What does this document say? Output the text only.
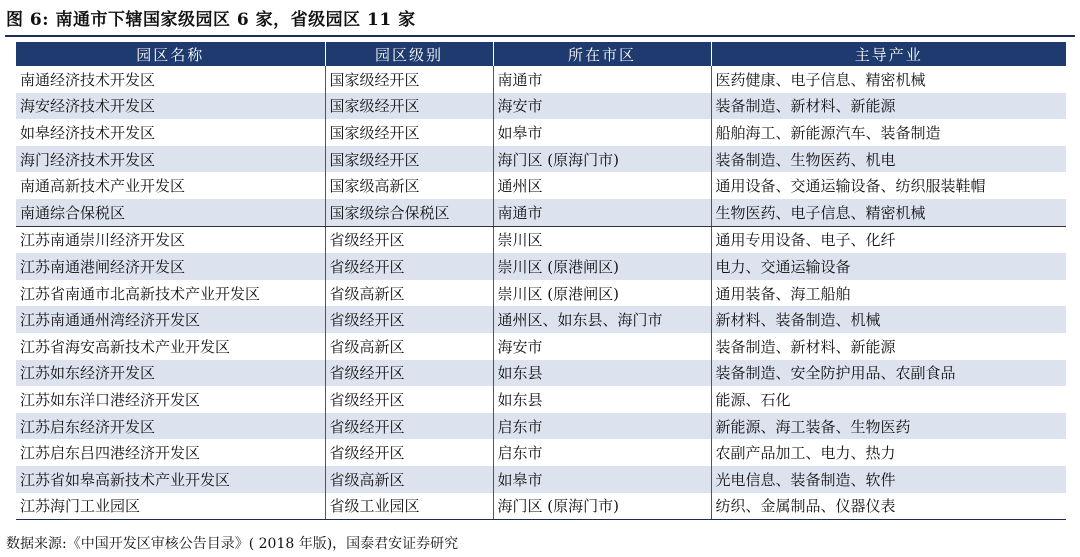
图 6: 南通市下辖国家级园区 6 家，省级园区 11 家
园区名称	园区级别	所在市区	主导产业
南通经济技术开发区	国家级经开区	南通市	医药健康、电子信息、精密机械
海安经济技术开发区	国家级经开区	海安市	装备制造、新材料、新能源
如皋经济技术开发区	国家级经开区	如皋市	船舶海工、新能源汽车、装备制造
海门经济技术开发区	国家级经开区	海门区 (原海门市)	装备制造、生物医药、机电
南通高新技术产业开发区	国家级高新区	通州区	通用设备、交通运输设备、纺织服装鞋帽
南通综合保税区	国家级综合保税区	南通市	生物医药、电子信息、精密机械
江苏南通崇川经济开发区	省级经开区	崇川区	通用专用设备、电子、化纤
江苏南通港闸经济开发区	省级经开区	崇川区 (原港闸区)	电力、交通运输设备
江苏省南通市北高新技术产业开发区	省级高新区	崇川区 (原港闸区)	通用装备、海工船舶
江苏南通通州湾经济开发区	省级经开区	通州区、如东县、海门市	新材料、装备制造、机械
江苏省海安高新技术产业开发区	省级高新区	海安市	装备制造、新材料、新能源
江苏如东经济开发区	省级经开区	如东县	装备制造、安全防护用品、农副食品
江苏如东洋口港经济开发区	省级经开区	如东县	能源、石化
江苏启东经济开发区	省级经开区	启东市	新能源、海工装备、生物医药
江苏启东吕四港经济开发区	省级经开区	启东市	农副产品加工、电力、热力
江苏省如皋高新技术产业开发区	省级高新区	如皋市	光电信息、装备制造、软件
江苏海门工业园区	省级工业园区	海门区 (原海门市)	纺织、金属制品、仪器仪表
数据来源:《中国开发区审核公告目录》( 2018 年版)，国泰君安证券研究
